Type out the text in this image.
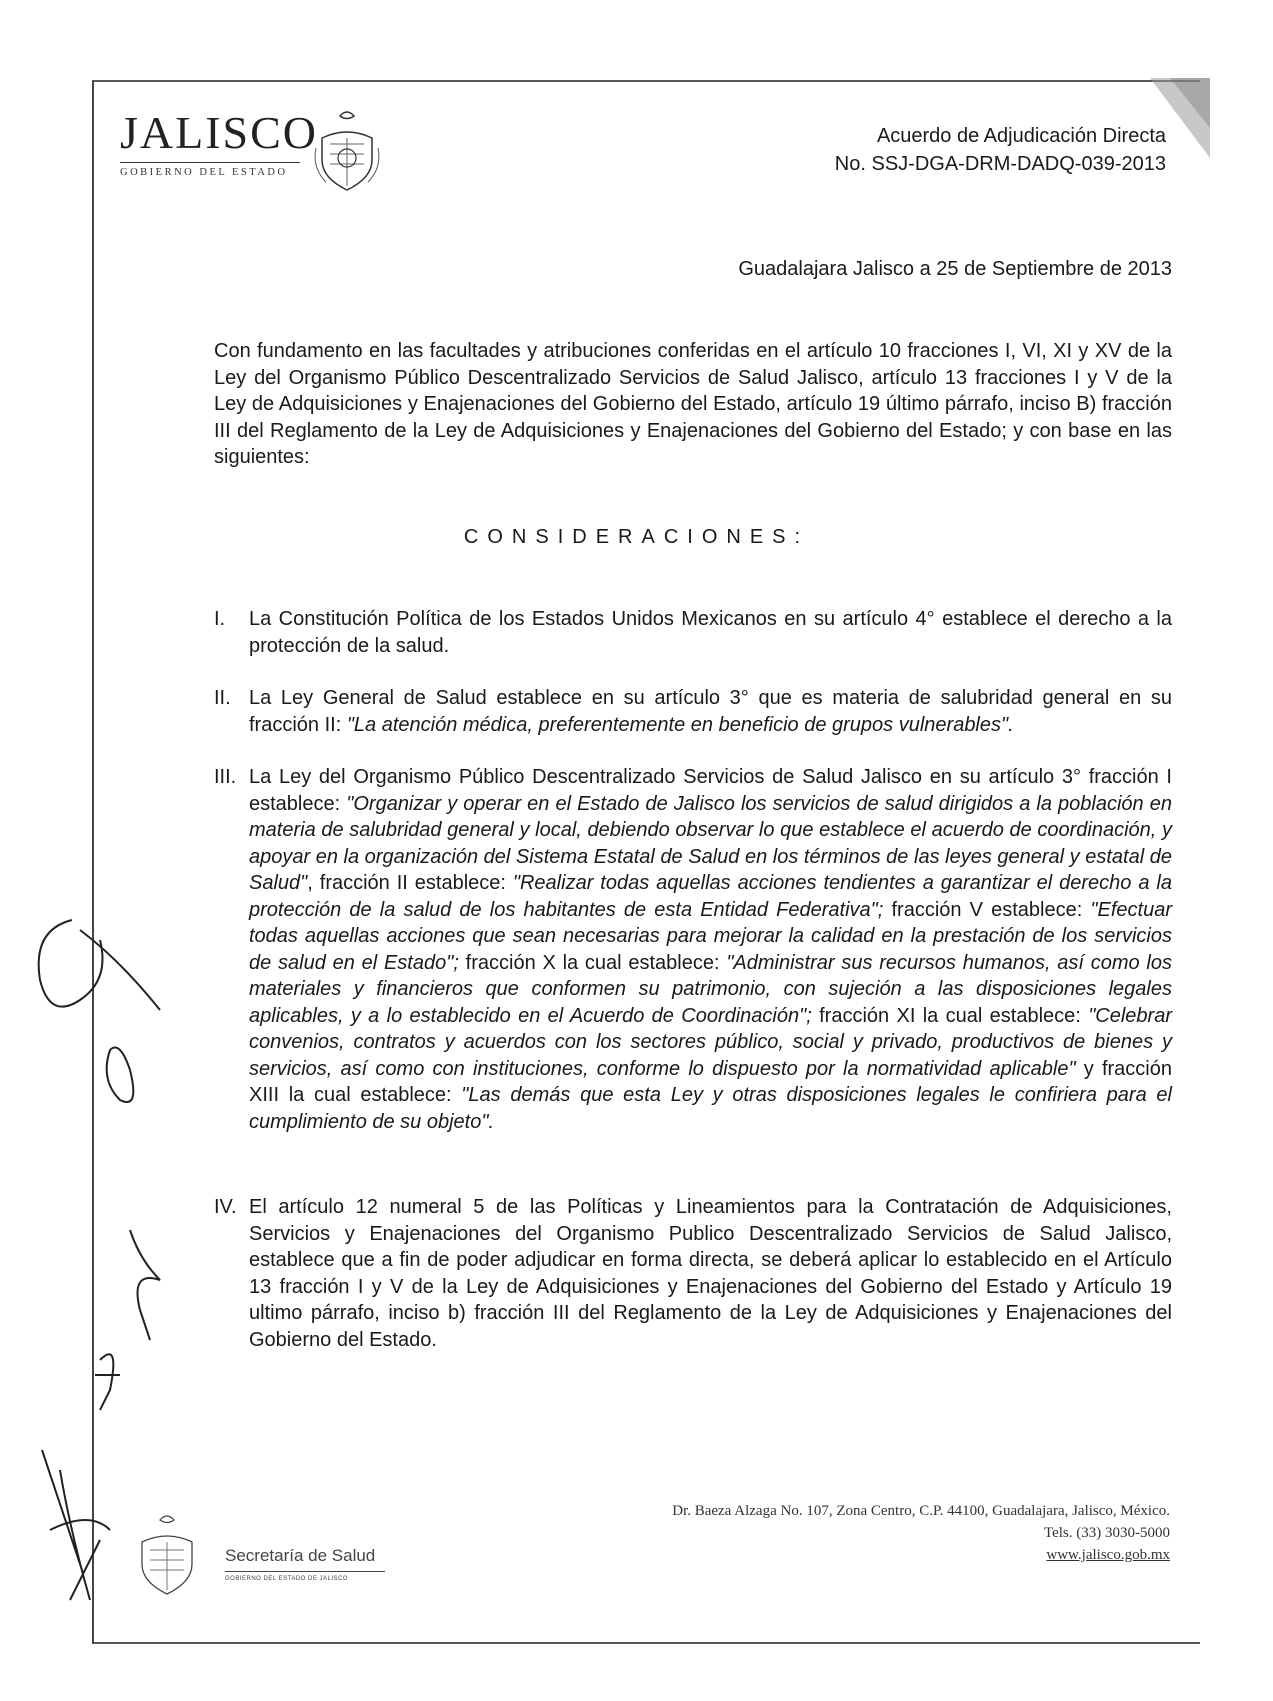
JALISCO
GOBIERNO DEL ESTADO
Acuerdo de Adjudicación Directa
No. SSJ-DGA-DRM-DADQ-039-2013
Guadalajara Jalisco a 25 de Septiembre de 2013
Con fundamento en las facultades y atribuciones conferidas en el artículo 10 fracciones I, VI, XI y XV de la Ley del Organismo Público Descentralizado Servicios de Salud Jalisco, artículo 13 fracciones I y V de la Ley de Adquisiciones y Enajenaciones del Gobierno del Estado, artículo 19 último párrafo, inciso B) fracción III del Reglamento de la Ley de Adquisiciones y Enajenaciones del Gobierno del Estado; y con base en las siguientes:
CONSIDERACIONES:
I. La Constitución Política de los Estados Unidos Mexicanos en su artículo 4° establece el derecho a la protección de la salud.
II. La Ley General de Salud establece en su artículo 3° que es materia de salubridad general en su fracción II: "La atención médica, preferentemente en beneficio de grupos vulnerables".
III. La Ley del Organismo Público Descentralizado Servicios de Salud Jalisco en su artículo 3° fracción I establece: "Organizar y operar en el Estado de Jalisco los servicios de salud dirigidos a la población en materia de salubridad general y local, debiendo observar lo que establece el acuerdo de coordinación, y apoyar en la organización del Sistema Estatal de Salud en los términos de las leyes general y estatal de Salud", fracción II establece: "Realizar todas aquellas acciones tendientes a garantizar el derecho a la protección de la salud de los habitantes de esta Entidad Federativa"; fracción V establece: "Efectuar todas aquellas acciones que sean necesarias para mejorar la calidad en la prestación de los servicios de salud en el Estado"; fracción X la cual establece: "Administrar sus recursos humanos, así como los materiales y financieros que conformen su patrimonio, con sujeción a las disposiciones legales aplicables, y a lo establecido en el Acuerdo de Coordinación"; fracción XI la cual establece: "Celebrar convenios, contratos y acuerdos con los sectores público, social y privado, productivos de bienes y servicios, así como con instituciones, conforme lo dispuesto por la normatividad aplicable" y fracción XIII la cual establece: "Las demás que esta Ley y otras disposiciones legales le confiriera para el cumplimiento de su objeto".
IV. El artículo 12 numeral 5 de las Políticas y Lineamientos para la Contratación de Adquisiciones, Servicios y Enajenaciones del Organismo Publico Descentralizado Servicios de Salud Jalisco, establece que a fin de poder adjudicar en forma directa, se deberá aplicar lo establecido en el Artículo 13 fracción I y V de la Ley de Adquisiciones y Enajenaciones del Gobierno del Estado y Artículo 19 ultimo párrafo, inciso b) fracción III del Reglamento de la Ley de Adquisiciones y Enajenaciones del Gobierno del Estado.
Dr. Baeza Alzaga No. 107, Zona Centro, C.P. 44100, Guadalajara, Jalisco, México.
Tels. (33) 3030-5000
www.jalisco.gob.mx
Secretaría de Salud
GOBIERNO DEL ESTADO DE JALISCO
